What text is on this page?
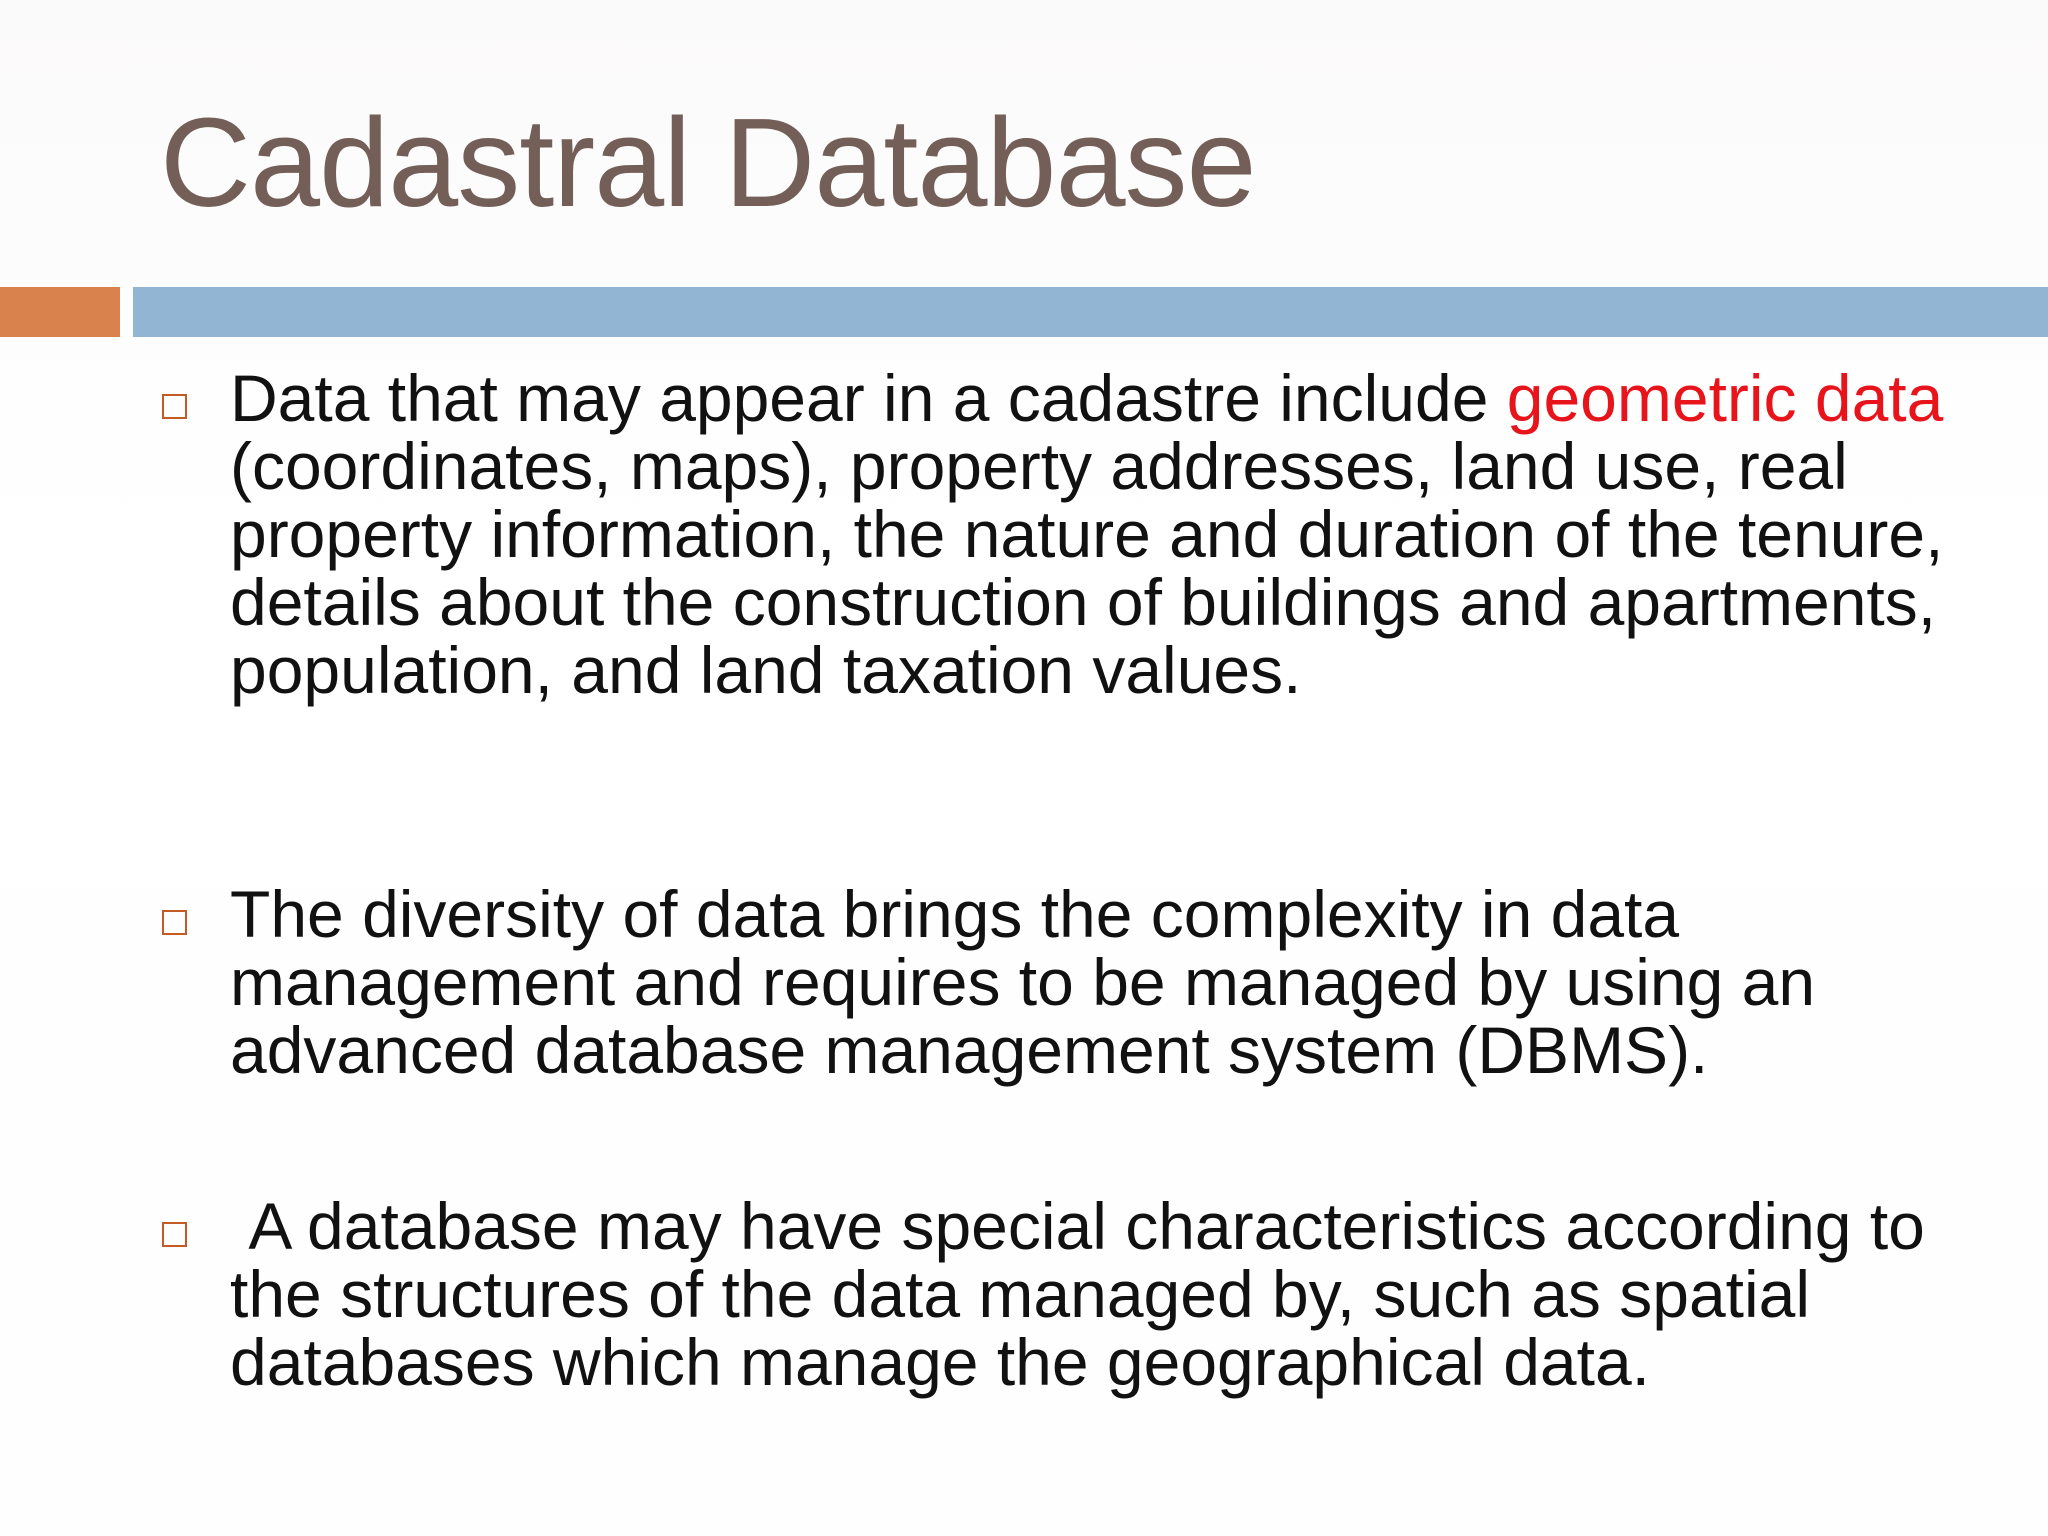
Cadastral Database
Data that may appear in a cadastre include geometric data (coordinates, maps), property addresses, land use, real property information, the nature and duration of the tenure, details about the construction of buildings and apartments, population, and land taxation values.
The diversity of data brings the complexity in data management and requires to be managed by using an advanced database management system (DBMS).
A database may have special characteristics according to the structures of the data managed by, such as spatial databases which manage the geographical data.
